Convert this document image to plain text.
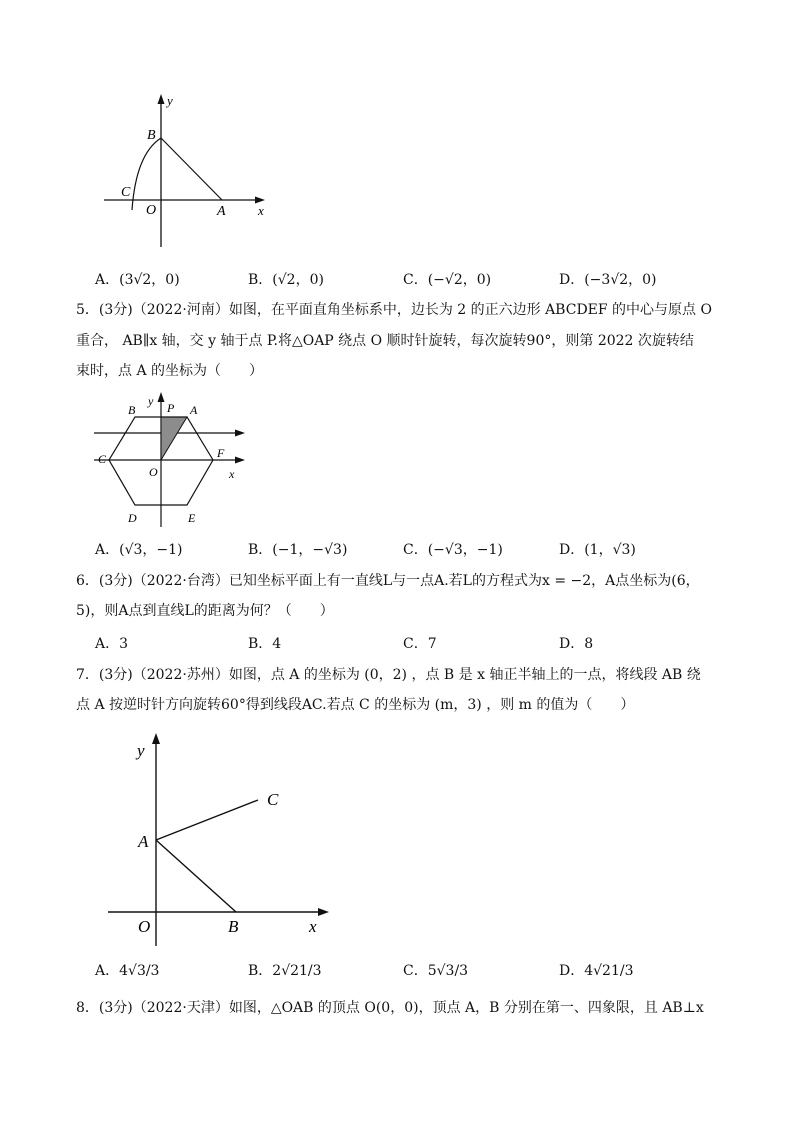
y
B
C
O	A x
A．(3√2，0)	B．(√2，0)	C．(−√2，0)	D．(−3√2，0)
5．(3分)（2022·河南）如图，在平面直角坐标系中，边长为 2 的正六边形 ABCDEF 的中心与原点 O
重合， AB∥x 轴，交 y 轴于点 P.将△OAP 绕点 O 顺时针旋转，每次旋转90°，则第 2022 次旋转结
束时，点 A 的坐标为（　　）
B
y P A
C	F
O	x
D	E
A．(√3，−1)	B．(−1，−√3)	C．(−√3，−1)	D．(1，√3)
6．(3分)（2022·台湾）已知坐标平面上有一直线L与一点A.若L的方程式为x = −2，A点坐标为(6，
5)，则A点到直线L的距离为何？（　　）
A．3	B．4	C．7	D．8
7．(3分)（2022·苏州）如图，点 A 的坐标为 (0，2) ，点 B 是 x 轴正半轴上的一点，将线段 AB 绕
点 A 按逆时针方向旋转60°得到线段AC.若点 C 的坐标为 (m，3) ，则 m 的值为（　　）
y
C
A
O	B	x
A．4√3/3	B．2√21/3	C．5√3/3	D．4√21/3
8．(3分)（2022·天津）如图，△OAB 的顶点 O(0，0)，顶点 A，B 分别在第一、四象限，且 AB⊥x
